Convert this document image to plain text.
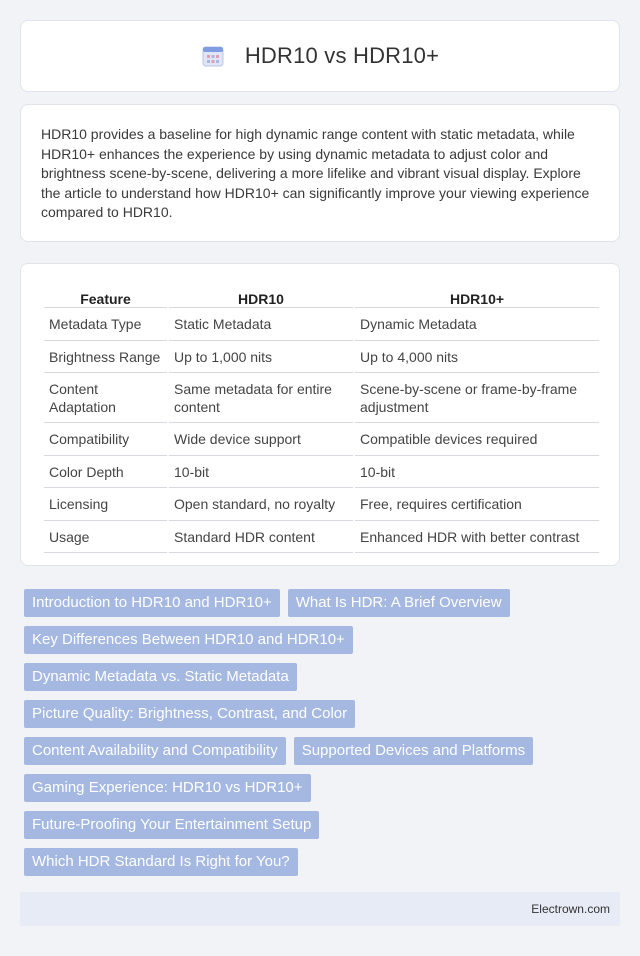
HDR10 vs HDR10+

HDR10 provides a baseline for high dynamic range content with static metadata, while HDR10+ enhances the experience by using dynamic metadata to adjust color and brightness scene-by-scene, delivering a more lifelike and vibrant visual display. Explore the article to understand how HDR10+ can significantly improve your viewing experience compared to HDR10.

Feature	HDR10	HDR10+
Metadata Type	Static Metadata	Dynamic Metadata
Brightness Range	Up to 1,000 nits	Up to 4,000 nits
Content Adaptation	Same metadata for entire content	Scene-by-scene or frame-by-frame adjustment
Compatibility	Wide device support	Compatible devices required
Color Depth	10-bit	10-bit
Licensing	Open standard, no royalty	Free, requires certification
Usage	Standard HDR content	Enhanced HDR with better contrast
Introduction to HDR10 and HDR10+	What Is HDR: A Brief Overview
Key Differences Between HDR10 and HDR10+
Dynamic Metadata vs. Static Metadata
Picture Quality: Brightness, Contrast, and Color
Content Availability and Compatibility	Supported Devices and Platforms
Gaming Experience: HDR10 vs HDR10+
Future-Proofing Your Entertainment Setup
Which HDR Standard Is Right for You?
Electrown.com
